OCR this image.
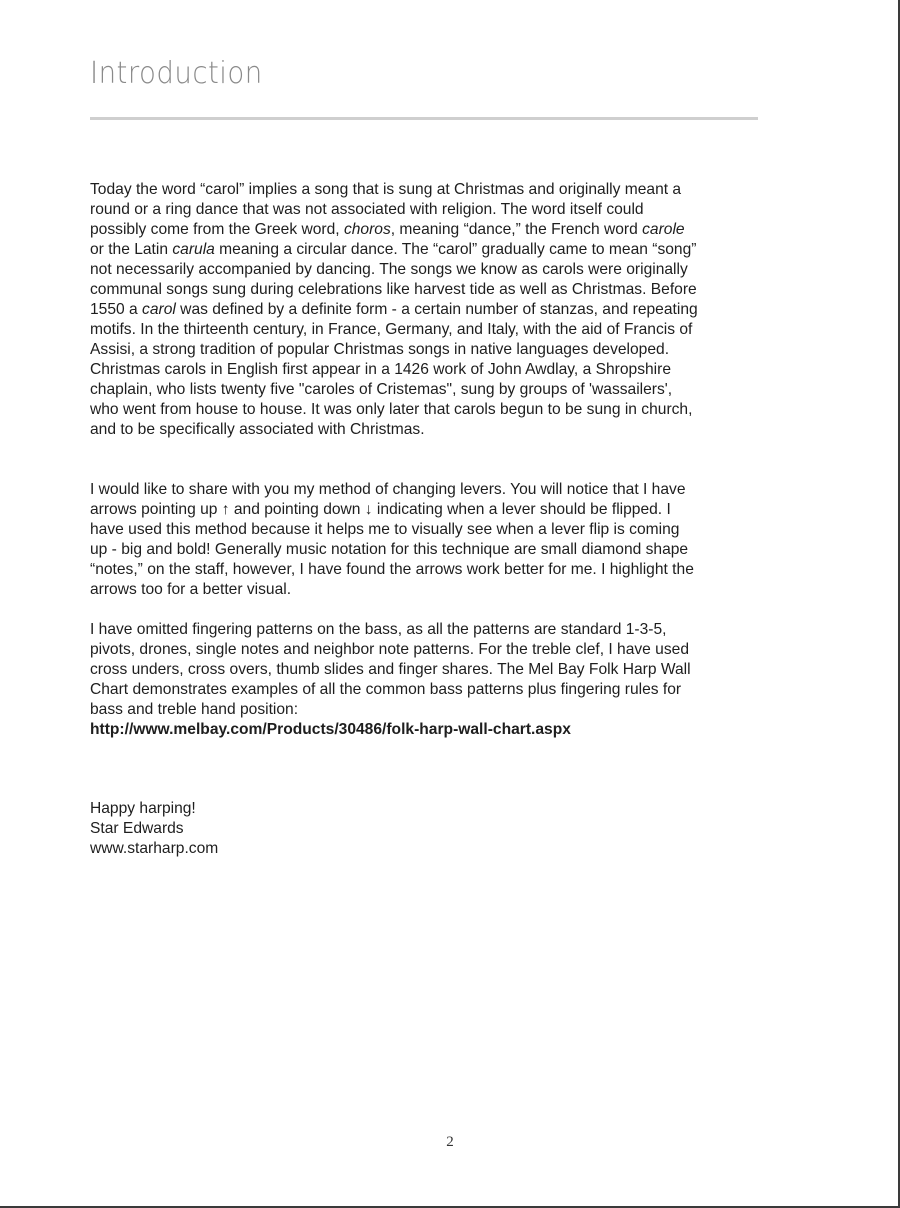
Introduction

Today the word “carol” implies a song that is sung at Christmas and originally meant a
round or a ring dance that was not associated with religion. The word itself could
possibly come from the Greek word, choros, meaning “dance,” the French word carole
or the Latin carula meaning a circular dance. The “carol” gradually came to mean “song”
not necessarily accompanied by dancing. The songs we know as carols were originally
communal songs sung during celebrations like harvest tide as well as Christmas. Before
1550 a carol was defined by a definite form - a certain number of stanzas, and repeating
motifs. In the thirteenth century, in France, Germany, and Italy, with the aid of Francis of
Assisi, a strong tradition of popular Christmas songs in native languages developed.
Christmas carols in English first appear in a 1426 work of John Awdlay, a Shropshire
chaplain, who lists twenty five "caroles of Cristemas", sung by groups of 'wassailers',
who went from house to house. It was only later that carols begun to be sung in church,
and to be specifically associated with Christmas.

I would like to share with you my method of changing levers. You will notice that I have
arrows pointing up ↑ and pointing down ↓ indicating when a lever should be flipped. I
have used this method because it helps me to visually see when a lever flip is coming
up - big and bold! Generally music notation for this technique are small diamond shape
“notes,” on the staff, however, I have found the arrows work better for me. I highlight the
arrows too for a better visual.

I have omitted fingering patterns on the bass, as all the patterns are standard 1-3-5,
pivots, drones, single notes and neighbor note patterns. For the treble clef, I have used
cross unders, cross overs, thumb slides and finger shares. The Mel Bay Folk Harp Wall
Chart demonstrates examples of all the common bass patterns plus fingering rules for
bass and treble hand position:

http://www.melbay.com/Products/30486/folk-harp-wall-chart.aspx
Happy harping!
Star Edwards
www.starharp.com
2
